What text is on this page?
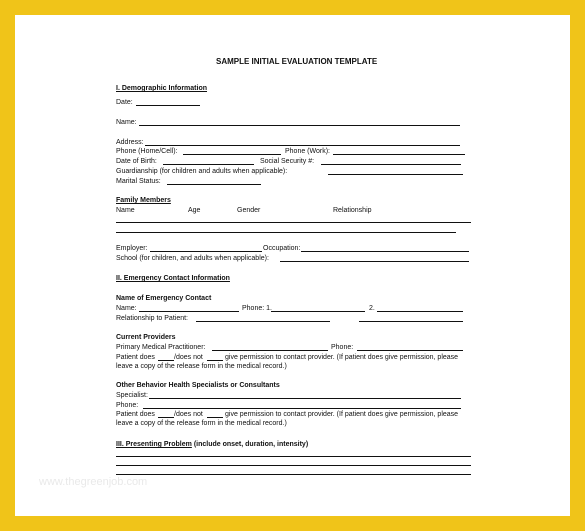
SAMPLE INITIAL EVALUATION TEMPLATE
I. Demographic Information
Date:
Name:
Address:
Phone (Home/Cell):	Phone (Work):
Date of Birth:	Social Security #:
Guardianship (for children and adults when applicable):
Marital Status:
Family Members
Name	Age	Gender	Relationship
Employer:	Occupation:
School (for children, and adults when applicable):
II. Emergency Contact Information
Name of Emergency Contact
Name:	Phone: 1.	2.
Relationship to Patient:
Current Providers
Primary Medical Practitioner:	Phone:
Patient does	/does not	give permission to contact provider. (If patient does give permission, please
leave a copy of the release form in the medical record.)
Other Behavior Health Specialists or Consultants
Specialist:
Phone:
Patient does	/does not	give permission to contact provider. (If patient does give permission, please
leave a copy of the release form in the medical record.)
III. Presenting Problem (include onset, duration, intensity)
www.thegreenjob.com
